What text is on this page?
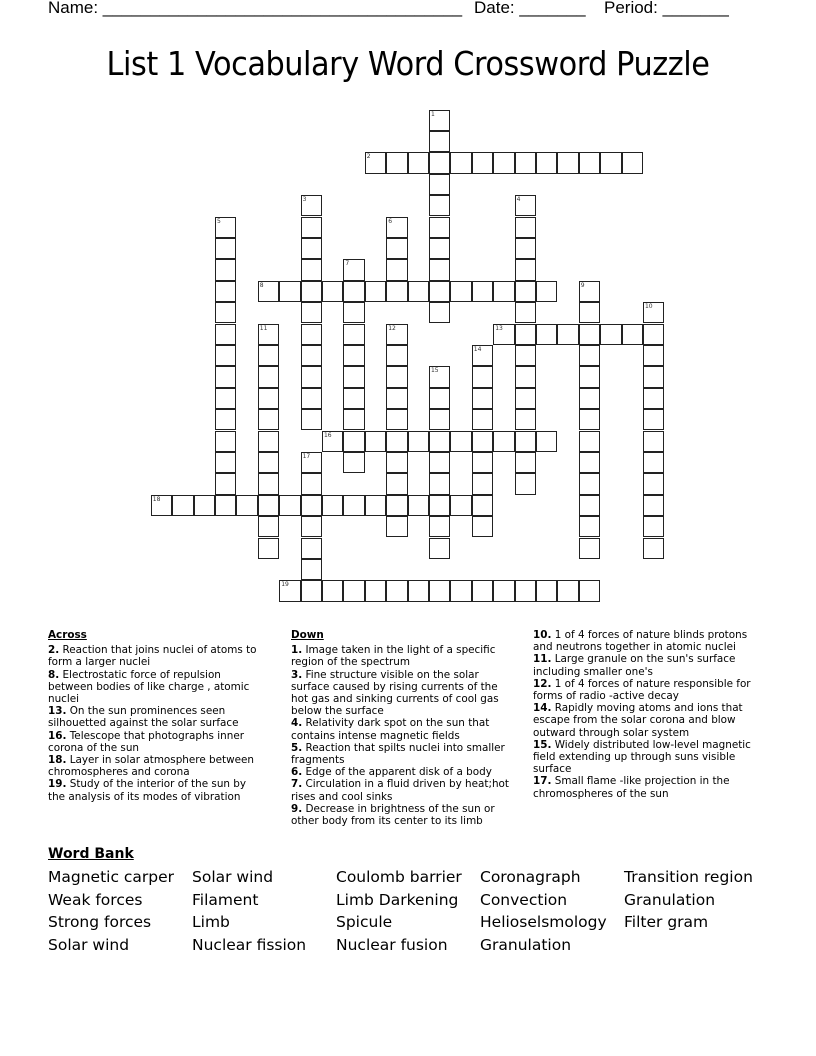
Name: ______________________________________ Date: _______ Period: _______
List 1 Vocabulary Word Crossword Puzzle
1
2
3	4
5	6
7
8	9
10
11	12	13
14
15
16
17
18
19
Across
2. Reaction that joins nuclei of atoms to form a larger nuclei
8. Electrostatic force of repulsion between bodies of like charge , atomic nuclei
13. On the sun prominences seen silhouetted against the solar surface
16. Telescope that photographs inner corona of the sun
18. Layer in solar atmosphere between chromospheres and corona
19. Study of the interior of the sun by the analysis of its modes of vibration
Down
1. Image taken in the light of a specific region of the spectrum
3. Fine structure visible on the solar surface caused by rising currents of the hot gas and sinking currents of cool gas below the surface
4. Relativity dark spot on the sun that contains intense magnetic fields
5. Reaction that spilts nuclei into smaller fragments
6. Edge of the apparent disk of a body
7. Circulation in a fluid driven by heat;hot rises and cool sinks
9. Decrease in brightness of the sun or other body from its center to its limb
10. 1 of 4 forces of nature blinds protons and neutrons together in atomic nuclei
11. Large granule on the sun's surface including smaller one's
12. 1 of 4 forces of nature responsible for forms of radio -active decay
14. Rapidly moving atoms and ions that escape from the solar corona and blow outward through solar system
15. Widely distributed low-level magnetic field extending up through suns visible surface
17. Small flame -like projection in the chromospheres of the sun
Word Bank
Magnetic carper
Weak forces
Strong forces
Solar wind
Solar wind
Filament
Limb
Nuclear fission
Coulomb barrier
Limb Darkening
Spicule
Nuclear fusion
Coronagraph
Convection
Helioselsmology
Granulation
Transition region
Granulation
Filter gram
